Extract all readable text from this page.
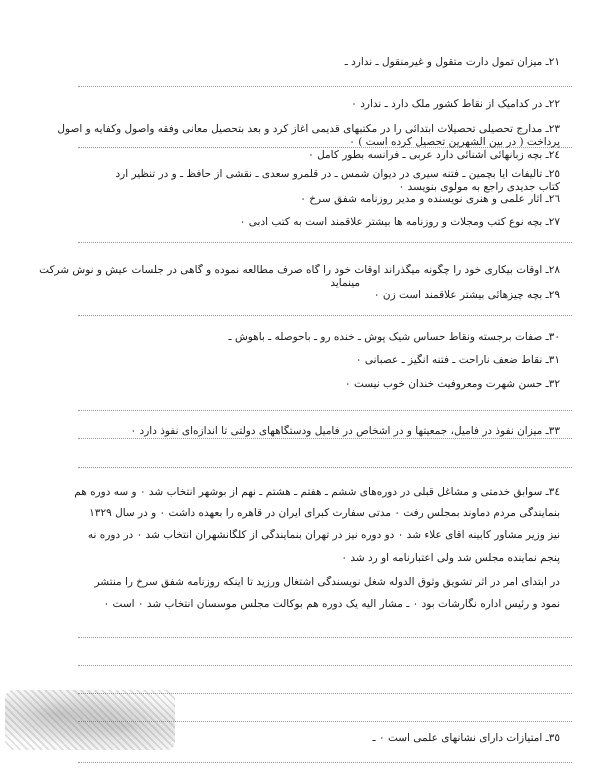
٢١ـ میزان تمول دارت متقول و غیرمنقول ـ ندارد ـ
٢٢ـ در کدامیک از نقاط کشور ملک دارد ـ ندارد ٠
٢٣ـ مدارج تحصیلی تحصیلات ابتدائی را در مکتبهای قدیمی آغاز کرد و بعد بتحصیل معانی وفقه واصول وکفایه و اصول
پرداخت ( در بین الشهرین تحصیل کرده است ) ٠
٢٤ـ بچه زبانهائی آشنائی دارد عربی ـ فرانسه بطور کامل ٠
٢٥ـ تألیفات ایا بچمین ـ فتنه سیری در دیوان شمس ـ در قلمرو سعدی ـ نقشی از حافظ ـ و در تنظیر ارد
کتاب جدیدی راجع به مولوی بنویسد ٠
٢٦ـ آثار علمی و هنری نویسنده و مدیر روزنامه شفق سرخ ٠
٢٧ـ بچه نوع کتب ومجلات و روزنامه ها بیشتر علاقمند است به کتب ادبی ٠
٢٨ـ اوقات بیکاری خود را چگونه میگذراند اوقات خود را گاه صرف مطالعه نموده و گاهی در جلسات عیش و نوش شرکت
مینماید
٢٩ـ بچه چیزهائی بیشتر علاقمند است زن ٠
٣٠ـ صفات برجسته ونقاط حساس شیک پوش ـ خنده رو ـ باحوصله ـ باهوش ـ
٣١ـ نقاط ضعف ناراحت ـ فتنه انگیز ـ عصبانی ٠
٣٢ـ حسن شهرت ومعروفیت خندان خوب نیست ٠
٣٣ـ میزان نفوذ در فامیل، جمعیتها و در اشخاص در فامیل ودستگاههای دولتی تا اندازه‌ای نفوذ دارد ٠
٣٤ـ سوابق خدمتی و مشاغل قبلی در دوره‌های ششم ـ هفتم ـ هشتم ـ نهم از بوشهر انتخاب شد ٠ و سه دوره هم
بنمایندگی مردم دماوند بمجلس رفت ٠ مدتی سفارت کبرای ایران در قاهره را بعهده داشت ٠ و در سال ١٣٢٩
نیز وزیر مشاور کابینه آقای علاء شد ٠ دو دوره نیز در تهران بنمایندگی از کلگانشهران انتخاب شد ٠ در دوره نه
پنجم نماینده مجلس شد ولی اعتبارنامه او رد شد ٠
در ابتدای امر در اثر تشویق وثوق الدوله شغل نویسندگی اشتغال ورزید تا اینکه روزنامه شفق سرخ را منتشر
نمود و رئیس اداره نگارشات بود ٠ ـ مشار الیه یک دوره هم بوکالت مجلس موسسان انتخاب شد ٠ است ٠
٣٥ـ امتیازات دارای نشانهای علمی است ٠ ـ
